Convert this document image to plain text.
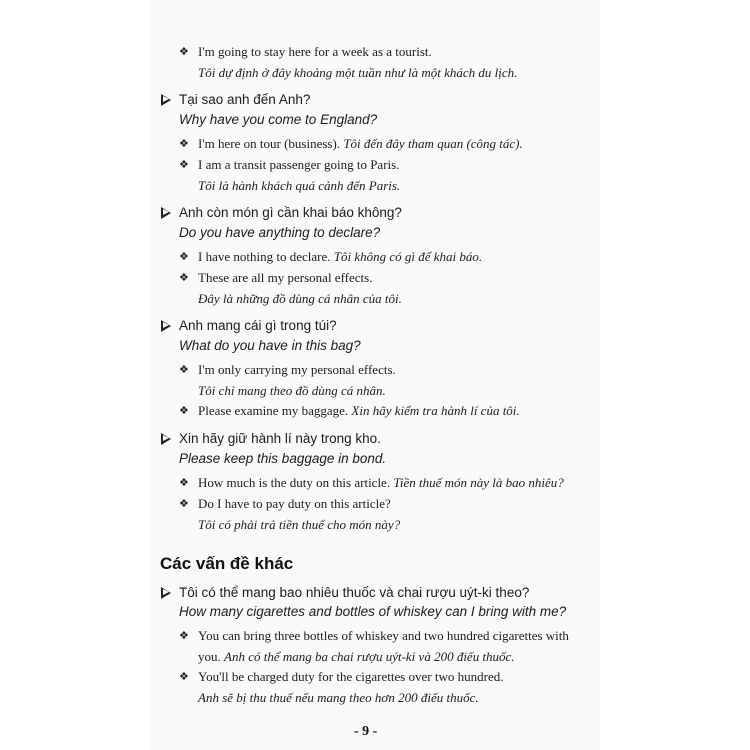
❖ I'm going to stay here for a week as a tourist.
Tôi dự định ở đây khoảng một tuần như là một khách du lịch.
Tại sao anh đến Anh?
Why have you come to England?
❖ I'm here on tour (business). Tôi đến đây tham quan (công tác).
❖ I am a transit passenger going to Paris.
Tôi là hành khách quá cảnh đến Paris.
Anh còn món gì cần khai báo không?
Do you have anything to declare?
❖ I have nothing to declare. Tôi không có gì để khai báo.
❖ These are all my personal effects.
Đây là những đồ dùng cá nhân của tôi.
Anh mang cái gì trong túi?
What do you have in this bag?
❖ I'm only carrying my personal effects.
Tôi chỉ mang theo đồ dùng cá nhân.
❖ Please examine my baggage. Xin hãy kiểm tra hành lí của tôi.
Xin hãy giữ hành lí này trong kho.
Please keep this baggage in bond.
❖ How much is the duty on this article. Tiền thuế món này là bao nhiêu?
❖ Do I have to pay duty on this article?
Tôi có phải trả tiền thuế cho món này?
Các vấn đề khác
Tôi có thể mang bao nhiêu thuốc và chai rượu uýt-ki theo?
How many cigarettes and bottles of whiskey can I bring with me?
❖ You can bring three bottles of whiskey and two hundred cigarettes with
you. Anh có thể mang ba chai rượu uýt-ki và 200 điếu thuốc.
❖ You'll be charged duty for the cigarettes over two hundred.
Anh sẽ bị thu thuế nếu mang theo hơn 200 điếu thuốc.
- 9 -
